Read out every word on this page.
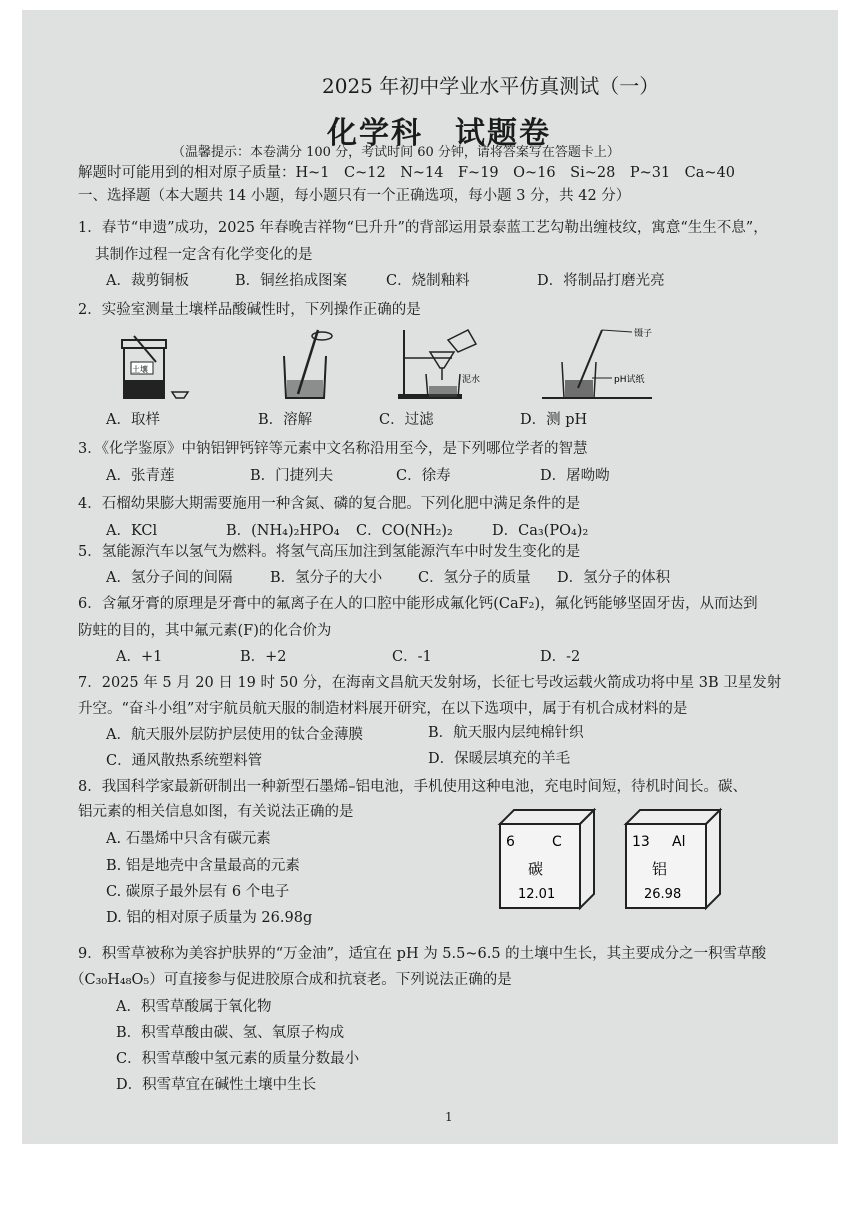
2025 年初中学业水平仿真测试（一）
化学科　试题卷
（温馨提示：本卷满分 100 分，考试时间 60 分钟，请将答案写在答题卡上）
解题时可能用到的相对原子质量：H~1　C~12　N~14　F~19　O~16　Si~28　P~31　Ca~40
一、选择题（本大题共 14 小题，每小题只有一个正确选项，每小题 3 分，共 42 分）
1．春节“申遗”成功，2025 年春晚吉祥物“巳升升”的背部运用景泰蓝工艺勾勒出缠枝纹，寓意“生生不息”，
其制作过程一定含有化学变化的是
A．裁剪铜板	B．铜丝掐成图案	C．烧制釉料	D．将制品打磨光亮
2．实验室测量土壤样品酸碱性时，下列操作正确的是
土壤
泥水
镊子
pH试纸
A．取样	B．溶解	C．过滤	D．测 pH
3．《化学鉴原》中钠铝钾钙锌等元素中文名称沿用至今，是下列哪位学者的智慧
A．张青莲	B．门捷列夫	C．徐寿	D．屠呦呦
4．石榴幼果膨大期需要施用一种含氮、磷的复合肥。下列化肥中满足条件的是
A．KCl	B．(NH₄)₂HPO₄ C．CO(NH₂)₂	D．Ca₃(PO₄)₂
5．氢能源汽车以氢气为燃料。将氢气高压加注到氢能源汽车中时发生变化的是
A．氢分子间的间隔	B．氢分子的大小 C．氢分子的质量 D．氢分子的体积
6．含氟牙膏的原理是牙膏中的氟离子在人的口腔中能形成氟化钙(CaF₂)，氟化钙能够坚固牙齿，从而达到
防蛀的目的，其中氟元素(F)的化合价为
A．+1	B．+2	C．-1	D．-2
7．2025 年 5 月 20 日 19 时 50 分，在海南文昌航天发射场，长征七号改运载火箭成功将中星 3B 卫星发射
升空。“奋斗小组”对宇航员航天服的制造材料展开研究，在以下选项中，属于有机合成材料的是
A．航天服外层防护层使用的钛合金薄膜	B．航天服内层纯棉针织
C．通风散热系统塑料管	D．保暖层填充的羊毛
8．我国科学家最新研制出一种新型石墨烯–铝电池，手机使用这种电池，充电时间短，待机时间长。碳、
铝元素的相关信息如图，有关说法正确的是
A. 石墨烯中只含有碳元素
B. 铝是地壳中含量最高的元素
C. 碳原子最外层有 6 个电子
D. 铝的相对原子质量为 26.98g
6	C
碳
12.01
13 Al
铝
26.98
9．积雪草被称为美容护肤界的“万金油”，适宜在 pH 为 5.5~6.5 的土壤中生长，其主要成分之一积雪草酸
（C₃₀H₄₈O₅）可直接参与促进胶原合成和抗衰老。下列说法正确的是
A．积雪草酸属于氧化物
B．积雪草酸由碳、氢、氧原子构成
C．积雪草酸中氢元素的质量分数最小
D．积雪草宜在碱性土壤中生长
1
